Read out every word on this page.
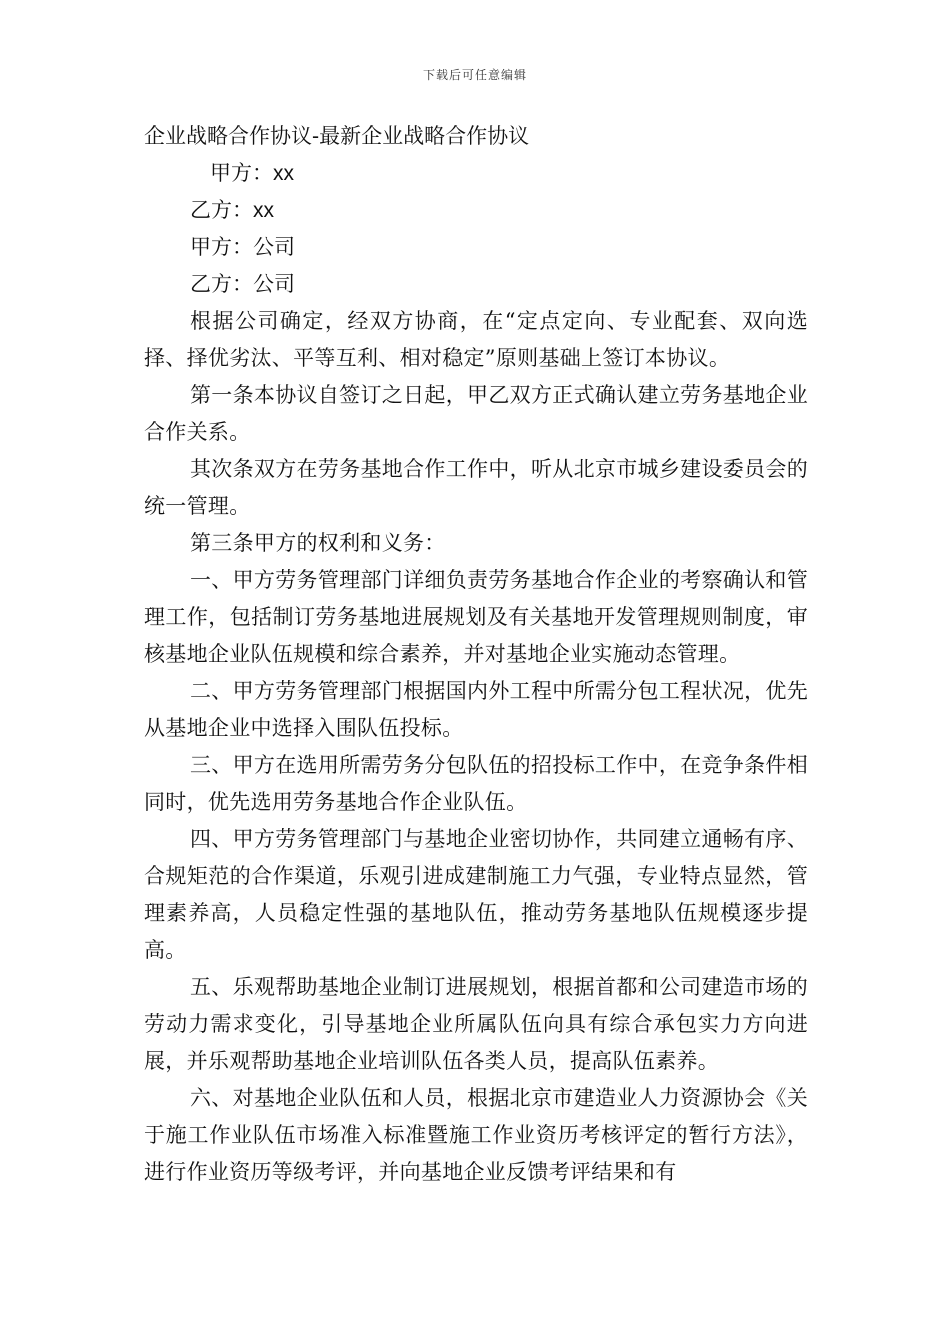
下载后可任意编辑
企业战略合作协议-最新企业战略合作协议

甲方：xx

乙方：xx

甲方：公司

乙方：公司

根据公司确定，经双方协商，在“定点定向、专业配套、双向选择、择优劣汰、平等互利、相对稳定”原则基础上签订本协议。

第一条本协议自签订之日起，甲乙双方正式确认建立劳务基地企业合作关系。

其次条双方在劳务基地合作工作中，听从北京市城乡建设委员会的统一管理。

第三条甲方的权利和义务：

一、甲方劳务管理部门详细负责劳务基地合作企业的考察确认和管理工作，包括制订劳务基地进展规划及有关基地开发管理规则制度，审核基地企业队伍规模和综合素养，并对基地企业实施动态管理。

二、甲方劳务管理部门根据国内外工程中所需分包工程状况，优先从基地企业中选择入围队伍投标。

三、甲方在选用所需劳务分包队伍的招投标工作中，在竞争条件相同时，优先选用劳务基地合作企业队伍。

四、甲方劳务管理部门与基地企业密切协作，共同建立通畅有序、合规矩范的合作渠道，乐观引进成建制施工力气强，专业特点显然，管理素养高，人员稳定性强的基地队伍，推动劳务基地队伍规模逐步提高。

五、乐观帮助基地企业制订进展规划，根据首都和公司建造市场的劳动力需求变化，引导基地企业所属队伍向具有综合承包实力方向进展，并乐观帮助基地企业培训队伍各类人员，提高队伍素养。

六、对基地企业队伍和人员，根据北京市建造业人力资源协会《关于施工作业队伍市场准入标准暨施工作业资历考核评定的暂行方法》，进行作业资历等级考评，并向基地企业反馈考评结果和有
